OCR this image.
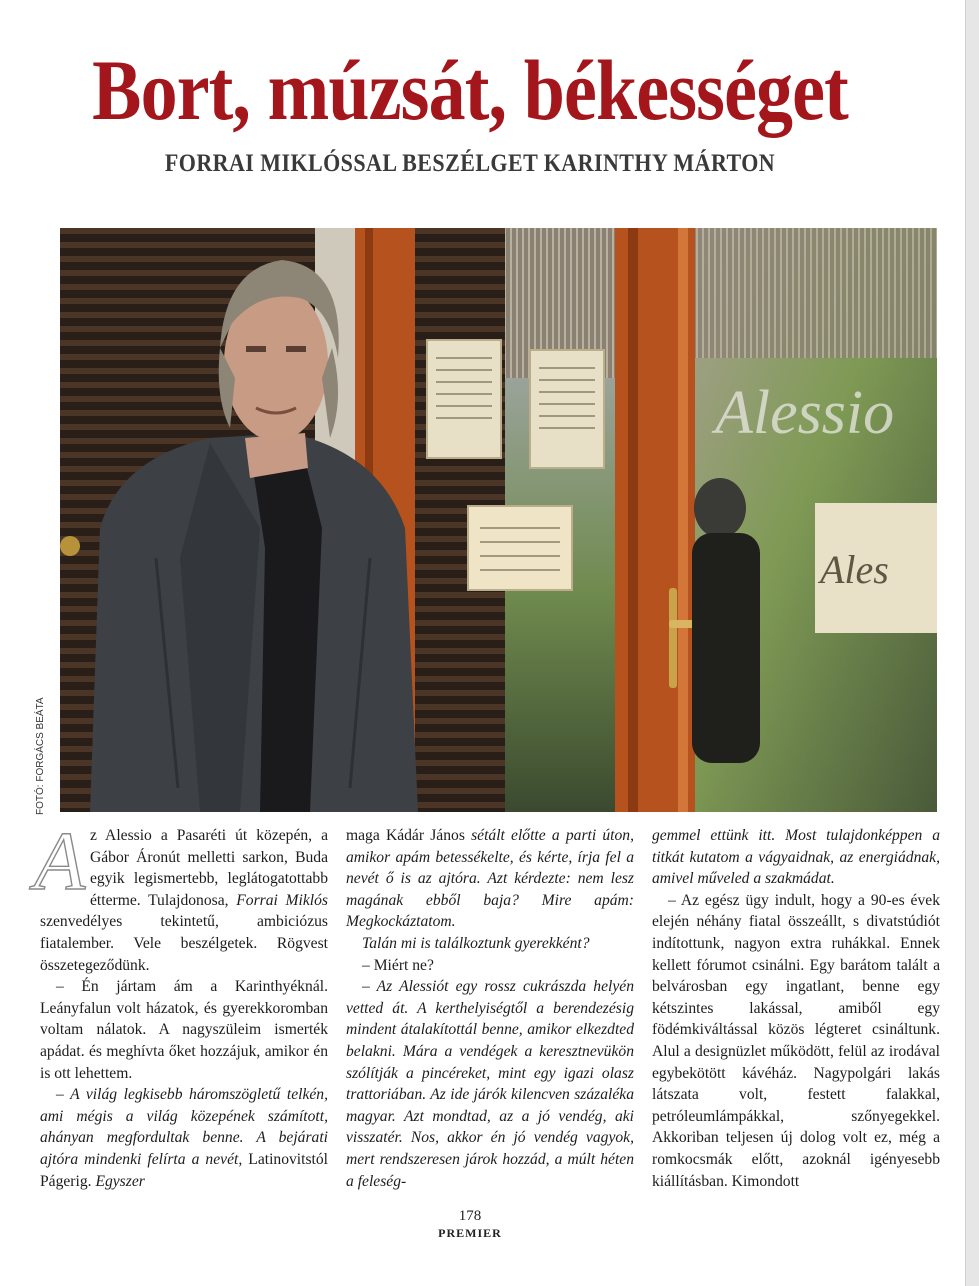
Bort, múzsát, békességet
FORRAI MIKLÓSSAL BESZÉLGET KARINTHY MÁRTON
Ales
Alessio
FOTÓ: FORGÁCS BEÁTA
A z Alessio a Pasaréti út közepén, a Gábor Áronút melletti sarkon, Buda egyik legismertebb, leglátogatottabb étterme. Tulajdonosa, Forrai Miklós szenvedélyes tekintetű, ambiciózus fiatalember. Vele beszélgetek. Rögvest összetegeződünk.

– Én jártam ám a Karinthyéknál. Leányfalun volt házatok, és gyerekkoromban voltam nálatok. A nagyszüleim ismerték apádat. és meghívta őket hozzájuk, amikor én is ott lehettem.

– A világ legkisebb háromszögletű telkén, ami mégis a világ közepének számított, ahányan megfordultak benne. A bejárati ajtóra mindenki felírta a nevét, Latinovitstól Págerig. Egyszer

maga Kádár János sétált előtte a parti úton, amikor apám betessékelte, és kérte, írja fel a nevét ő is az ajtóra. Azt kérdezte: nem lesz magának ebből baja? Mire apám: Megkockáztatom.

Talán mi is találkoztunk gyerekként?

– Miért ne?

– Az Alessiót egy rossz cukrászda helyén vetted át. A kerthelyiségtől a berendezésig mindent átalakítottál benne, amikor elkezdted belakni. Mára a vendégek a keresztnevükön szólítják a pincéreket, mint egy igazi olasz trattoriában. Az ide járók kilencven százaléka magyar. Azt mondtad, az a jó vendég, aki visszatér. Nos, akkor én jó vendég vagyok, mert rendszeresen járok hozzád, a múlt héten a feleség-

gemmel ettünk itt. Most tulajdonképpen a titkát kutatom a vágyaidnak, az energiádnak, amivel műveled a szakmádat.

– Az egész ügy indult, hogy a 90-es évek elején néhány fiatal összeállt, s divatstúdiót indítottunk, nagyon extra ruhákkal. Ennek kellett fórumot csinálni. Egy barátom talált a belvárosban egy ingatlant, benne egy kétszintes lakással, amiből egy födémkiváltással közös légteret csináltunk. Alul a designüzlet működött, felül az irodával egybekötött kávéház. Nagypolgári lakás látszata volt, festett falakkal, petróleumlámpákkal, szőnyegekkel. Akkoriban teljesen új dolog volt ez, még a romkocsmák előtt, azoknál igényesebb kiállításban. Kimondott

178
PREMIER
